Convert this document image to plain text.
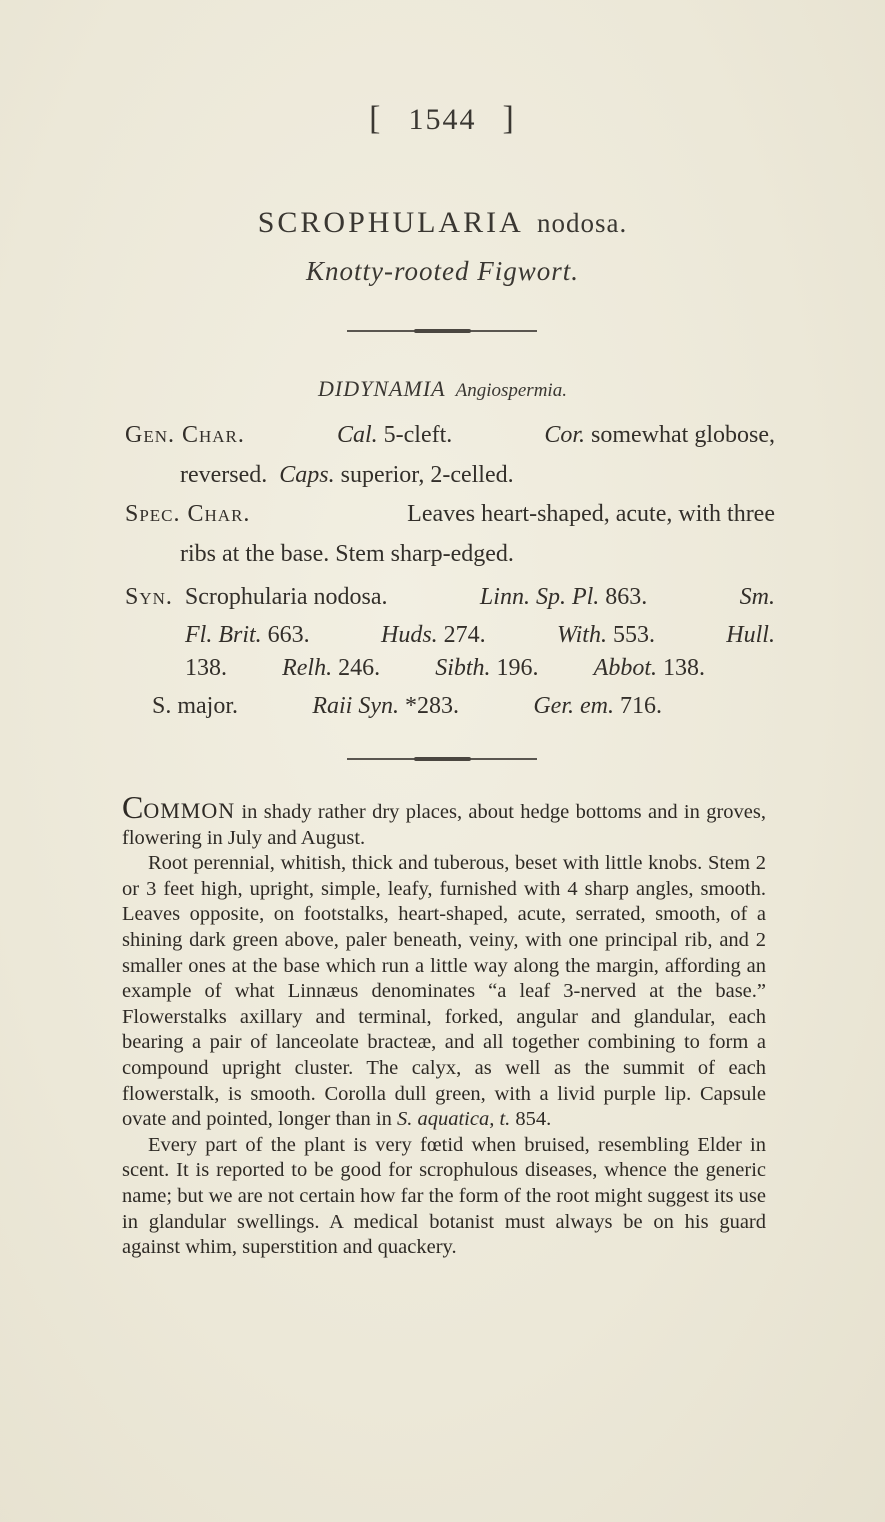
[ 1544 ]
SCROPHULARIA nodosa.
Knotty-rooted Figwort.
DIDYNAMIA Angiospermia.
Gen. Char.	Cal. 5-cleft.	Cor. somewhat globose,
reversed. Caps. superior, 2-celled.
Spec. Char.	Leaves heart-shaped, acute, with three
ribs at the base. Stem sharp-edged.
Syn. Scrophularia nodosa.	Linn. Sp. Pl. 863.	Sm.
Fl. Brit. 663.	Huds. 274.	With. 553.	Hull.
138. Relh. 246. Sibth. 196. Abbot. 138.
S. major.	Raii Syn. *283.	Ger. em. 716.

COMMON in shady rather dry places, about hedge bottoms and in groves, flowering in July and August.

Root perennial, whitish, thick and tuberous, beset with little knobs. Stem 2 or 3 feet high, upright, simple, leafy, furnished with 4 sharp angles, smooth. Leaves opposite, on footstalks, heart-shaped, acute, serrated, smooth, of a shining dark green above, paler beneath, veiny, with one principal rib, and 2 smaller ones at the base which run a little way along the margin, affording an example of what Linnæus denominates “a leaf 3-nerved at the base.” Flowerstalks axillary and terminal, forked, angular and glandular, each bearing a pair of lanceolate bracteæ, and all together combining to form a compound upright cluster. The calyx, as well as the summit of each flowerstalk, is smooth. Corolla dull green, with a livid purple lip. Capsule ovate and pointed, longer than in S. aquatica, t. 854.

Every part of the plant is very fœtid when bruised, resembling Elder in scent. It is reported to be good for scrophulous diseases, whence the generic name; but we are not certain how far the form of the root might suggest its use in glandular swellings. A medical botanist must always be on his guard against whim, superstition and quackery.
